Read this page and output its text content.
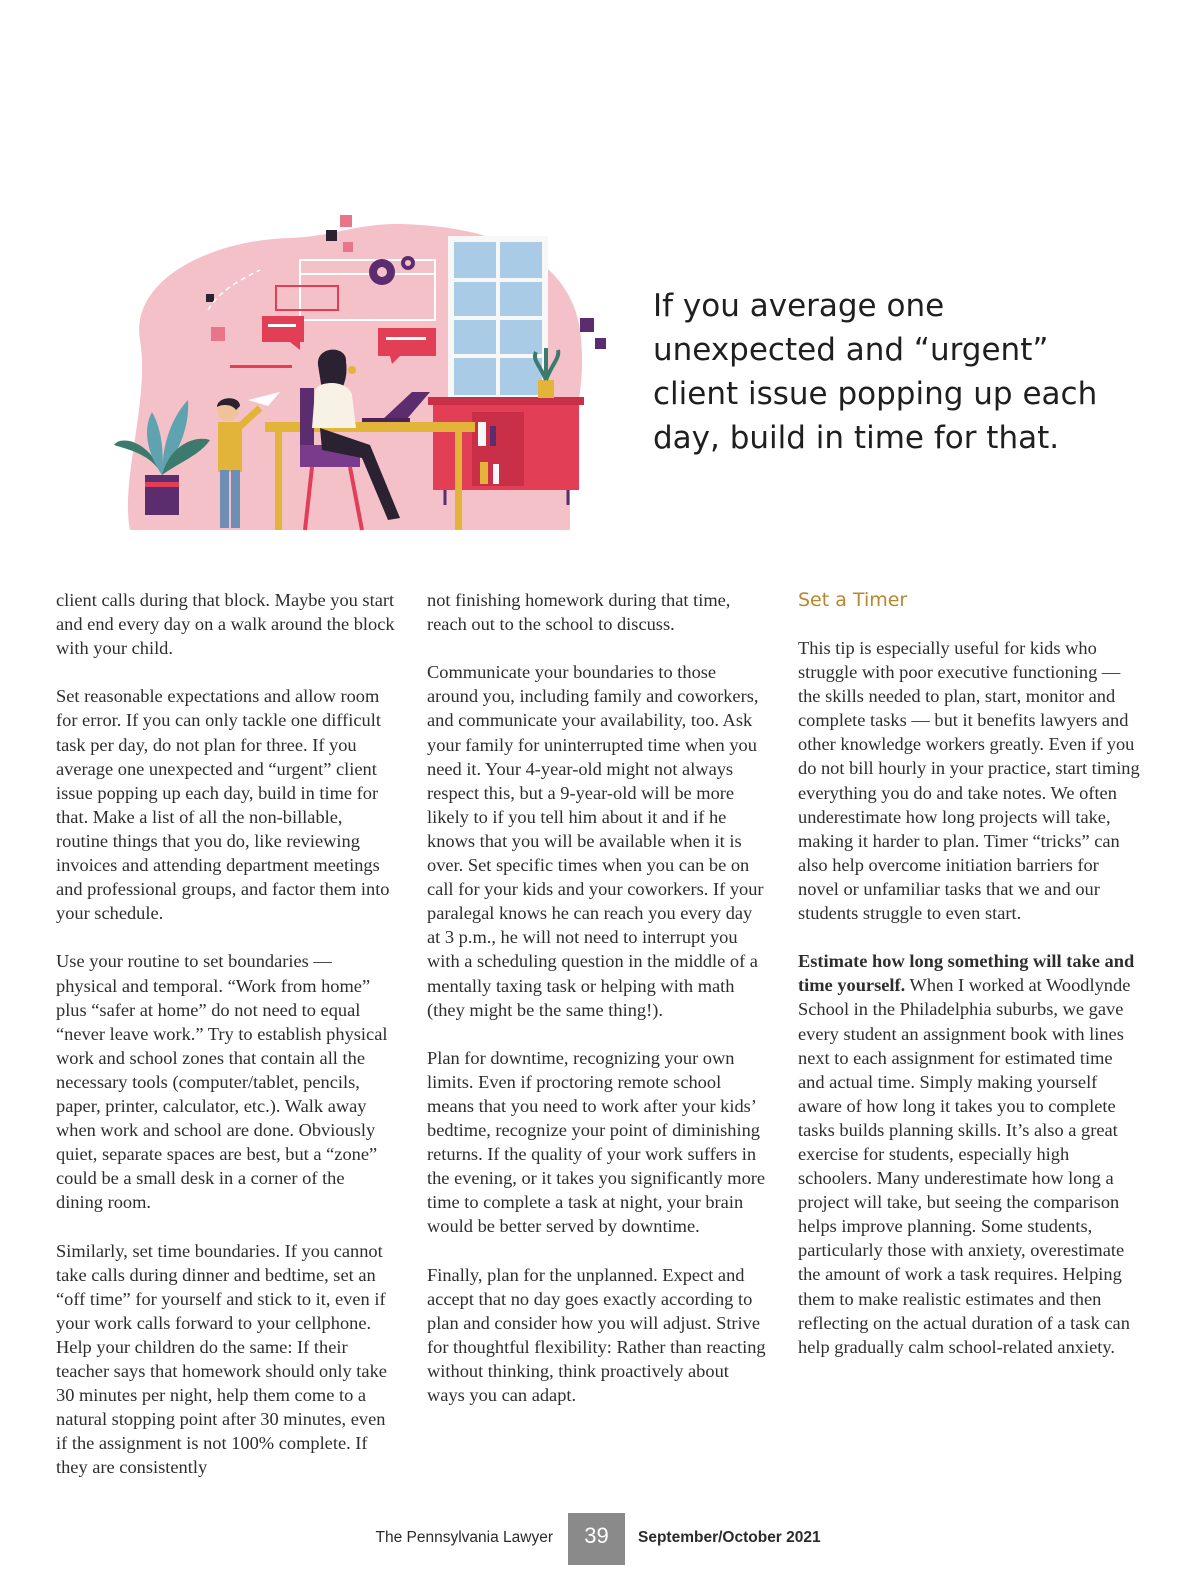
If you average one unexpected and “urgent” client issue popping up each day, build in time for that.

client calls during that block. Maybe you start and end every day on a walk around the block with your child.

Set reasonable expectations and allow room for error. If you can only tackle one difficult task per day, do not plan for three. If you average one unexpected and “urgent” client issue popping up each day, build in time for that. Make a list of all the non-billable, routine things that you do, like reviewing invoices and attending department meetings and professional groups, and factor them into your schedule.

Use your routine to set boundaries — physical and temporal. “Work from home” plus “safer at home” do not need to equal “never leave work.” Try to establish physical work and school zones that contain all the necessary tools (computer/tablet, pencils, paper, printer, calculator, etc.). Walk away when work and school are done. Obviously quiet, separate spaces are best, but a “zone” could be a small desk in a corner of the dining room.

Similarly, set time boundaries. If you cannot take calls during dinner and bedtime, set an “off time” for yourself and stick to it, even if your work calls forward to your cellphone. Help your children do the same: If their teacher says that homework should only take 30 minutes per night, help them come to a natural stopping point after 30 minutes, even if the assignment is not 100% complete. If they are consistently

not finishing homework during that time, reach out to the school to discuss.

Communicate your boundaries to those around you, including family and coworkers, and communicate your availability, too. Ask your family for uninterrupted time when you need it. Your 4-year-old might not always respect this, but a 9-year-old will be more likely to if you tell him about it and if he knows that you will be available when it is over. Set specific times when you can be on call for your kids and your coworkers. If your paralegal knows he can reach you every day at 3 p.m., he will not need to interrupt you with a scheduling question in the middle of a mentally taxing task or helping with math (they might be the same thing!).

Plan for downtime, recognizing your own limits. Even if proctoring remote school means that you need to work after your kids’ bedtime, recognize your point of diminishing returns. If the quality of your work suffers in the evening, or it takes you significantly more time to complete a task at night, your brain would be better served by downtime.

Finally, plan for the unplanned. Expect and accept that no day goes exactly according to plan and consider how you will adjust. Strive for thoughtful flexibility: Rather than reacting without thinking, think proactively about ways you can adapt.

Set a Timer

This tip is especially useful for kids who struggle with poor executive functioning — the skills needed to plan, start, monitor and complete tasks — but it benefits lawyers and other knowledge workers greatly. Even if you do not bill hourly in your practice, start timing everything you do and take notes. We often underestimate how long projects will take, making it harder to plan. Timer “tricks” can also help overcome initiation barriers for novel or unfamiliar tasks that we and our students struggle to even start.

Estimate how long something will take and time yourself. When I worked at Woodlynde School in the Philadelphia suburbs, we gave every student an assignment book with lines next to each assignment for estimated time and actual time. Simply making yourself aware of how long it takes you to complete tasks builds planning skills. It’s also a great exercise for students, especially high schoolers. Many underestimate how long a project will take, but seeing the comparison helps improve planning. Some students, particularly those with anxiety, overestimate the amount of work a task requires. Helping them to make realistic estimates and then reflecting on the actual duration of a task can help gradually calm school-related anxiety.

The Pennsylvania Lawyer	39	September/October 2021
